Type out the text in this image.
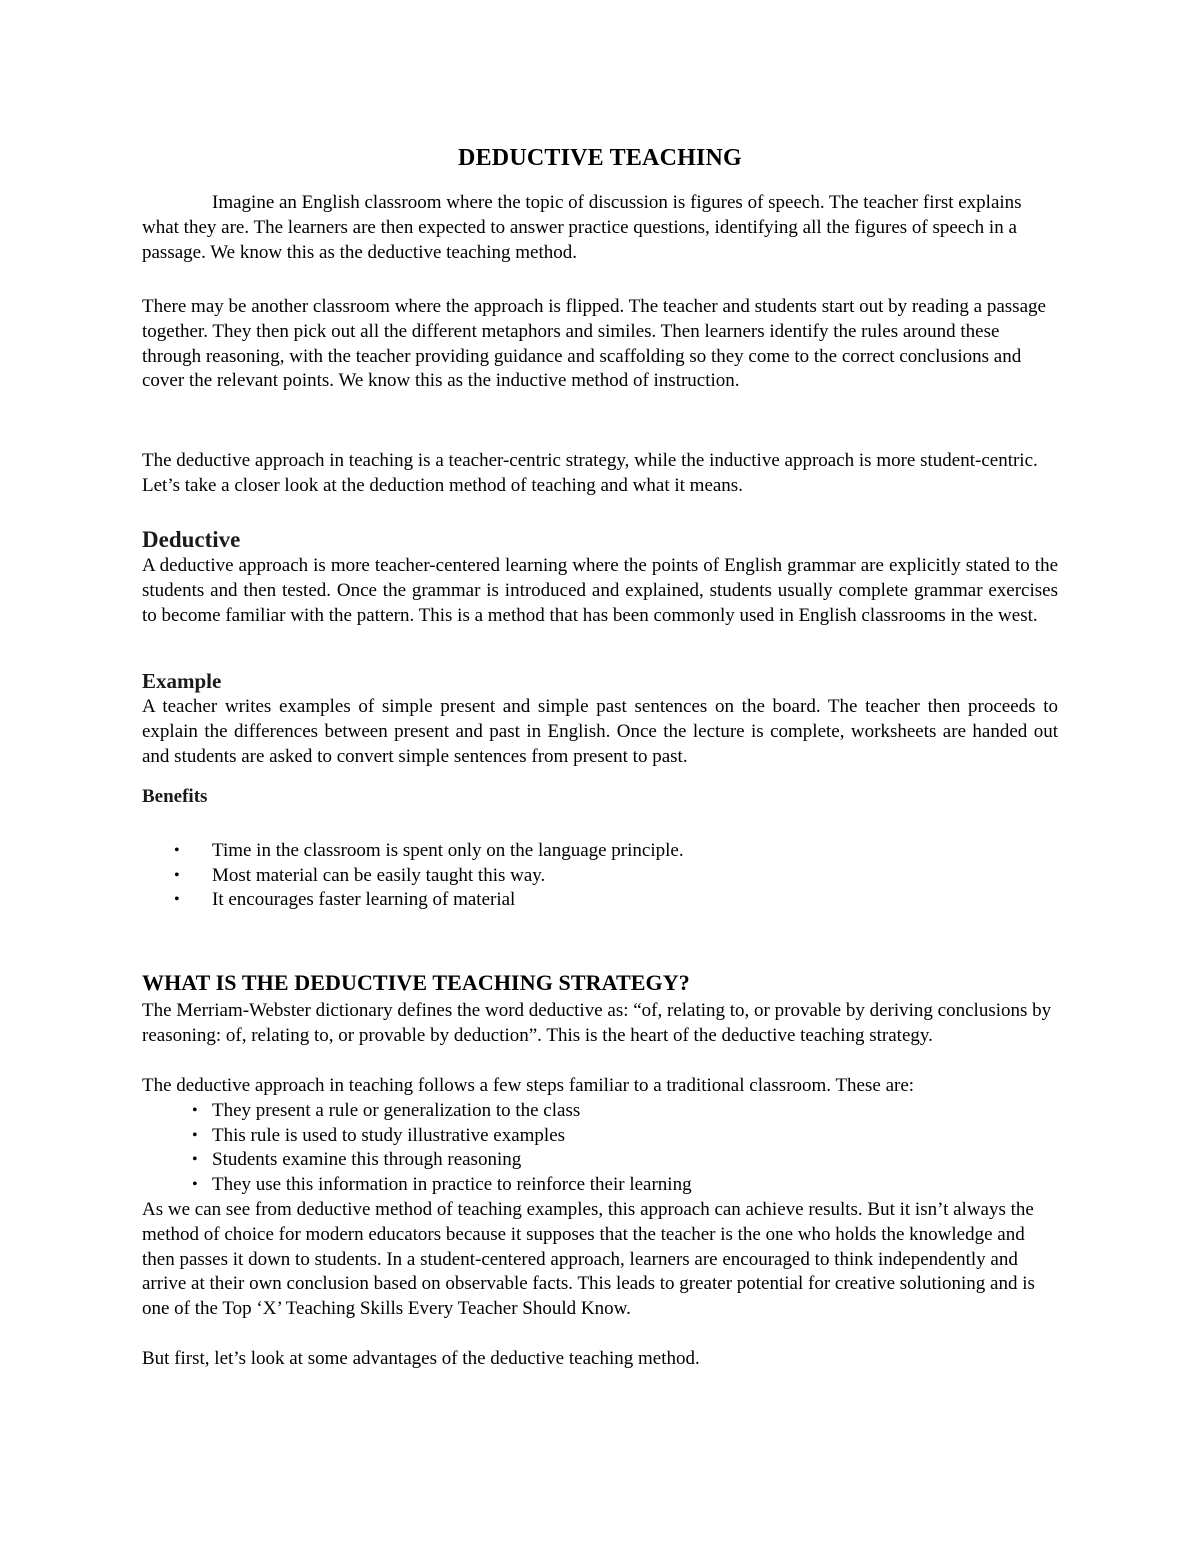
DEDUCTIVE TEACHING

Imagine an English classroom where the topic of discussion is figures of speech. The teacher first explains what they are. The learners are then expected to answer practice questions, identifying all the figures of speech in a passage. We know this as the deductive teaching method.

There may be another classroom where the approach is flipped. The teacher and students start out by reading a passage together. They then pick out all the different metaphors and similes. Then learners identify the rules around these through reasoning, with the teacher providing guidance and scaffolding so they come to the correct conclusions and cover the relevant points. We know this as the inductive method of instruction.

The deductive approach in teaching is a teacher-centric strategy, while the inductive approach is more student-centric. Let’s take a closer look at the deduction method of teaching and what it means.

Deductive

A deductive approach is more teacher-centered learning where the points of English grammar are explicitly stated to the students and then tested. Once the grammar is introduced and explained, students usually complete grammar exercises to become familiar with the pattern. This is a method that has been commonly used in English classrooms in the west.

Example

A teacher writes examples of simple present and simple past sentences on the board. The teacher then proceeds to explain the differences between present and past in English. Once the lecture is complete, worksheets are handed out and students are asked to convert simple sentences from present to past.

Benefits
• Time in the classroom is spent only on the language principle.
• Most material can be easily taught this way.
• It encourages faster learning of material
WHAT IS THE DEDUCTIVE TEACHING STRATEGY?

The Merriam-Webster dictionary defines the word deductive as: “of, relating to, or provable by deriving conclusions by reasoning: of, relating to, or provable by deduction”. This is the heart of the deductive teaching strategy.

The deductive approach in teaching follows a few steps familiar to a traditional classroom. These are:

• They present a rule or generalization to the class
• This rule is used to study illustrative examples
• Students examine this through reasoning
• They use this information in practice to reinforce their learning

As we can see from deductive method of teaching examples, this approach can achieve results. But it isn’t always the method of choice for modern educators because it supposes that the teacher is the one who holds the knowledge and then passes it down to students. In a student-centered approach, learners are encouraged to think independently and arrive at their own conclusion based on observable facts. This leads to greater potential for creative solutioning and is one of the Top ‘X’ Teaching Skills Every Teacher Should Know.

But first, let’s look at some advantages of the deductive teaching method.
